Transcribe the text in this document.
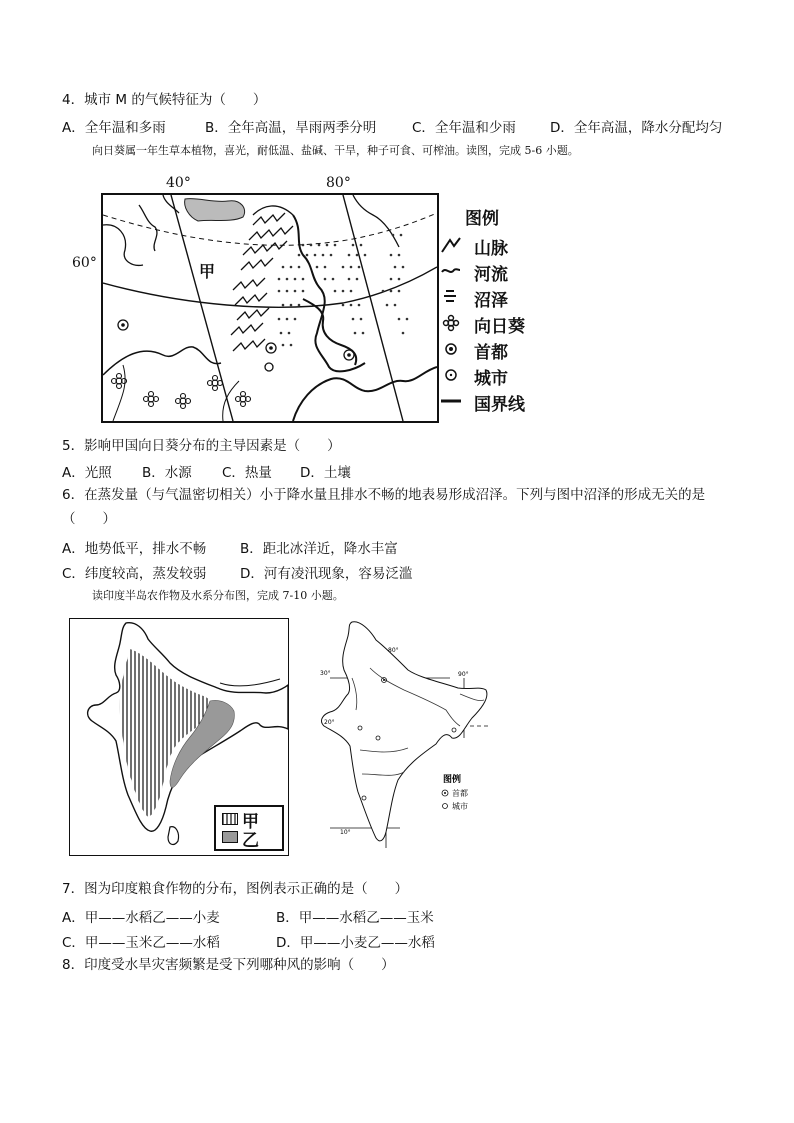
4．城市 M 的气候特征为（　　）
A．全年温和多雨	B．全年高温，旱雨两季分明	C．全年温和少雨	D．全年高温，降水分配均匀
向日葵属一年生草本植物，喜光，耐低温、盐碱、干旱，种子可食、可榨油。读图，完成 5-6 小题。
40°	80°
60°	甲
图例
山脉
河流
沼泽
向日葵
首都
城市
国界线
5．影响甲国向日葵分布的主导因素是（　　）
A．光照 B．水源 C．热量 D．土壤
6．在蒸发量（与气温密切相关）小于降水量且排水不畅的地表易形成沼泽。下列与图中沼泽的形成无关的是
（　　）
A．地势低平，排水不畅	B．距北冰洋近，降水丰富
C．纬度较高，蒸发较弱 D．河有凌汛现象，容易泛滥
读印度半岛农作物及水系分布图，完成 7-10 小题。
甲
乙
30°
20°
10°
90°
80°
图例
首都
城市
7．图为印度粮食作物的分布，图例表示正确的是（　　）
A．甲——水稻乙——小麦	B．甲——水稻乙——玉米
C．甲——玉米乙——水稻	D．甲——小麦乙——水稻
8．印度受水旱灾害频繁是受下列哪种风的影响（　　）
